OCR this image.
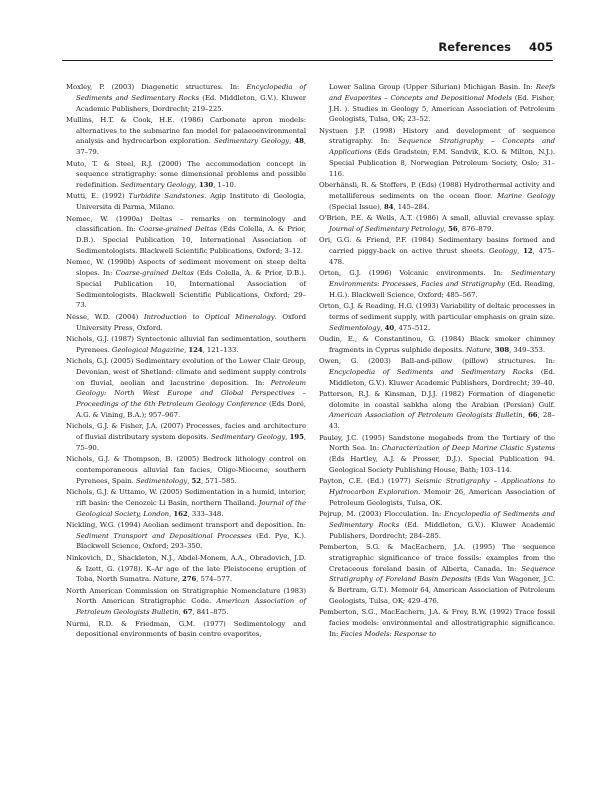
References 405

Moxley, P. (2003) Diagenetic structures. In: Encyclopedia of Sediments and Sedimentary Rocks (Ed. Middleton, G.V.). Kluwer Academic Publishers, Dordrecht; 219–225.

Mullins, H.T. & Cook, H.E. (1986) Carbonate apron models: alternatives to the submarine fan model for palaeoenvironmental analysis and hydrocarbon exploration. Sedimentary Geology, 48, 37–79.

Muto, T. & Steel, R.J. (2000) The accommodation concept in sequence stratigraphy: some dimensional problems and possible redefinition. Sedimentary Geology, 130, 1–10.

Mutti, E. (1992) Turbidite Sandstones. Agip Instituto di Geologia, Universita di Parma, Milano.

Nemec, W. (1990a) Deltas – remarks on terminology and classification. In: Coarse-grained Deltas (Eds Colella, A. & Prior, D.B.). Special Publication 10, International Association of Sedimentologists. Blackwell Scientific Publications, Oxford; 3–12.

Nemec, W. (1990b) Aspects of sediment movement on steep delta slopes. In: Coarse-grained Deltas (Eds Colella, A. & Prior, D.B.). Special Publication 10, International Association of Sedimentologists. Blackwell Scientific Publications, Oxford; 29–73.

Nesse, W.D. (2004) Introduction to Optical Mineralogy. Oxford University Press, Oxford.

Nichols, G.J. (1987) Syntectonic alluvial fan sedimentation, southern Pyrenees. Geological Magazine, 124, 121–133.

Nichols, G.J. (2005) Sedimentary evolution of the Lower Clair Group, Devonian, west of Shetland: climate and sediment supply controls on fluvial, aeolian and lacustrine deposition. In: Petroleum Geology: North West Europe and Global Perspectives – Proceedings of the 6th Petroleum Geology Conference (Eds Doré, A.G. & Vining, B.A.); 957–967.

Nichols, G.J. & Fisher, J.A. (2007) Processes, facies and architecture of fluvial distributary system deposits. Sedimentary Geology, 195, 75–90.

Nichols, G.J. & Thompson, B. (2005) Bedrock lithology control on contemporaneous alluvial fan facies, Oligo-Miocene, southern Pyrenees, Spain. Sedimentology, 52, 571–585.

Nichols, G.J. & Uttamo, W. (2005) Sedimentation in a humid, interior, rift basin: the Cenozoic Li Basin, northern Thailand. Journal of the Geological Society, London, 162, 333–348.

Nickling, W.G. (1994) Aeolian sediment transport and deposition. In: Sediment Transport and Depositional Processes (Ed. Pye, K.). Blackwell Science, Oxford; 293–350.

Ninkovich, D., Shackleton, N.J., Abdel-Monem, A.A., Obradovich, J.D. & Izett, G. (1978). K–Ar age of the late Pleistocene eruption of Toba, North Sumatra. Nature, 276, 574–577.

North American Commission on Stratigraphic Nomenclature (1983) North American Stratigraphic Code. American Association of Petroleum Geologists Bulletin, 67, 841–875.

Nurmi, R.D. & Friedman, G.M. (1977) Sedimentology and depositional environments of basin centre evaporites,

Lower Salina Group (Upper Silurian) Michigan Basin. In: Reefs and Evaporites – Concepts and Depositional Models (Ed. Fisher, J.H. ). Studies in Geology 5, American Association of Petroleum Geologists, Tulsa, OK; 23–52.

Nystuen J.P. (1998) History and development of sequence stratigraphy. In: Sequence Stratigraphy – Concepts and Applications (Eds Gradstein, F.M. Sandvik, K.O. & Milton, N.J.). Special Publication 8, Norwegian Petroleum Society, Oslo; 31–116.

Oberhänsli, R. & Stoffers, P. (Eds) (1988) Hydrothermal activity and metalliferous sediments on the ocean floor. Marine Geology (Special Issue), 84, 145–284.

O'Brien, P.E. & Wells, A.T. (1986) A small, alluvial crevasse splay. Journal of Sedimentary Petrology, 56, 876–879.

Ori, G.G. & Friend, P.F. (1984) Sedimentary basins formed and carried piggy-back on active thrust sheets. Geology, 12, 475–478.

Orton, G.J. (1996) Volcanic environments. In: Sedimentary Environments: Processes, Facies and Stratigraphy (Ed. Reading, H.G.). Blackwell Science, Oxford; 485–567.

Orton, G.J. & Reading, H.G. (1993) Variability of deltaic processes in terms of sediment supply, with particular emphasis on grain size. Sedimentology, 40, 475–512.

Oudin, E., & Constantinou, G. (1984) Black smoker chimney fragments in Cyprus sulphide deposits. Nature, 308, 349–353.

Owen, G. (2003) Ball-and-pillow (pillow) structures. In: Encyclopedia of Sediments and Sedimentary Rocks (Ed. Middleton, G.V.). Kluwer Academic Publishers, Dordrecht; 39–40.

Patterson, R.J. & Kinsman, D.J.J. (1982) Formation of diagenetic dolomite in coastal sabkha along the Arabian (Persian) Gulf. American Association of Petroleum Geologists Bulletin, 66, 28–43.

Pauley, J.C. (1995) Sandstone megabeds from the Tertiary of the North Sea. In: Characterization of Deep Marine Clastic Systems (Eds Hartley, A.J. & Prosser, D.J.). Special Publication 94. Geological Society Publishing House, Bath; 103–114.

Payton, C.E. (Ed.) (1977) Seismic Stratigraphy – Applications to Hydrocarbon Exploration. Memoir 26, American Association of Petroleum Geologists, Tulsa, OK.

Pejrup, M. (2003) Flocculation. In: Encyclopedia of Sediments and Sedimentary Rocks (Ed. Middleton, G.V.). Kluwer Academic Publishers, Dordrecht; 284–285.

Pemberton, S.G. & MacEachern, J.A. (1995) The sequence stratigraphic significance of trace fossils: examples from the Cretaceous foreland basin of Alberta, Canada. In: Sequence Stratigraphy of Foreland Basin Deposits (Eds Van Wagoner, J.C. & Bertram, G.T.). Memoir 64, American Association of Petroleum Geologists, Tulsa, OK; 429–476.

Pemberton, S.G., MacEachern, J.A. & Frey, R.W. (1992) Trace fossil facies models: environmental and allostratigraphic significance. In: Facies Models: Response to
